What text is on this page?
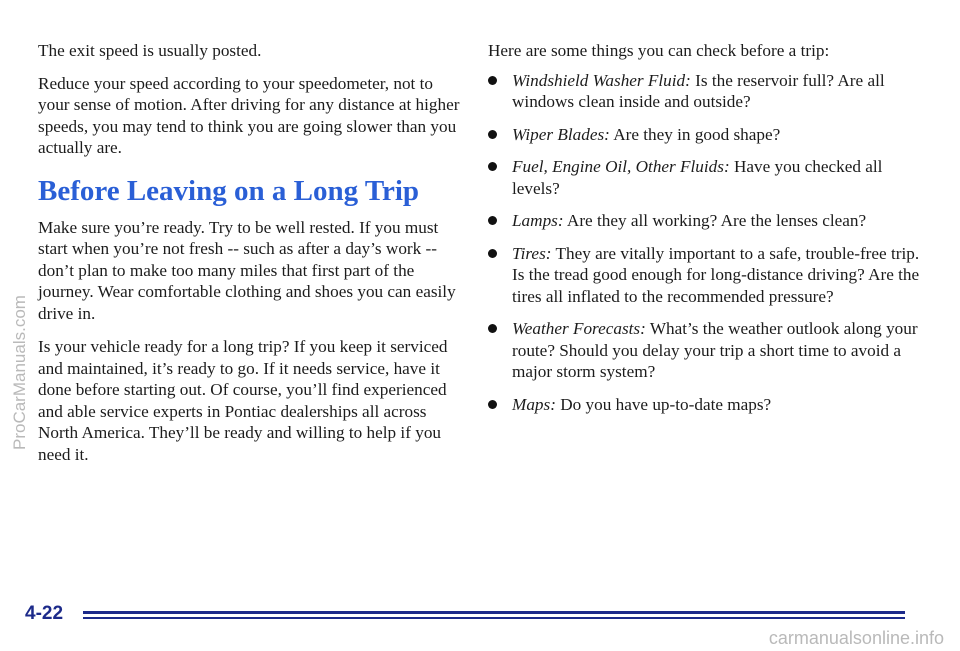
The exit speed is usually posted.

Reduce your speed according to your speedometer, not to your sense of motion. After driving for any distance at higher speeds, you may tend to think you are going slower than you actually are.

Before Leaving on a Long Trip

Make sure you’re ready. Try to be well rested. If you must start when you’re not fresh -- such as after a day’s work -- don’t plan to make too many miles that first part of the journey. Wear comfortable clothing and shoes you can easily drive in.

Is your vehicle ready for a long trip? If you keep it serviced and maintained, it’s ready to go. If it needs service, have it done before starting out. Of course, you’ll find experienced and able service experts in Pontiac dealerships all across North America. They’ll be ready and willing to help if you need it.

Here are some things you can check before a trip:

Windshield Washer Fluid: Is the reservoir full? Are all windows clean inside and outside?
Wiper Blades: Are they in good shape?
Fuel, Engine Oil, Other Fluids: Have you checked all levels?
Lamps: Are they all working? Are the lenses clean?
Tires: They are vitally important to a safe, trouble-free trip. Is the tread good enough for long-distance driving? Are the tires all inflated to the recommended pressure?
Weather Forecasts: What’s the weather outlook along your route? Should you delay your trip a short time to avoid a major storm system?
Maps: Do you have up-to-date maps?
4-22
ProCarManuals.com
carmanualsonline.info
